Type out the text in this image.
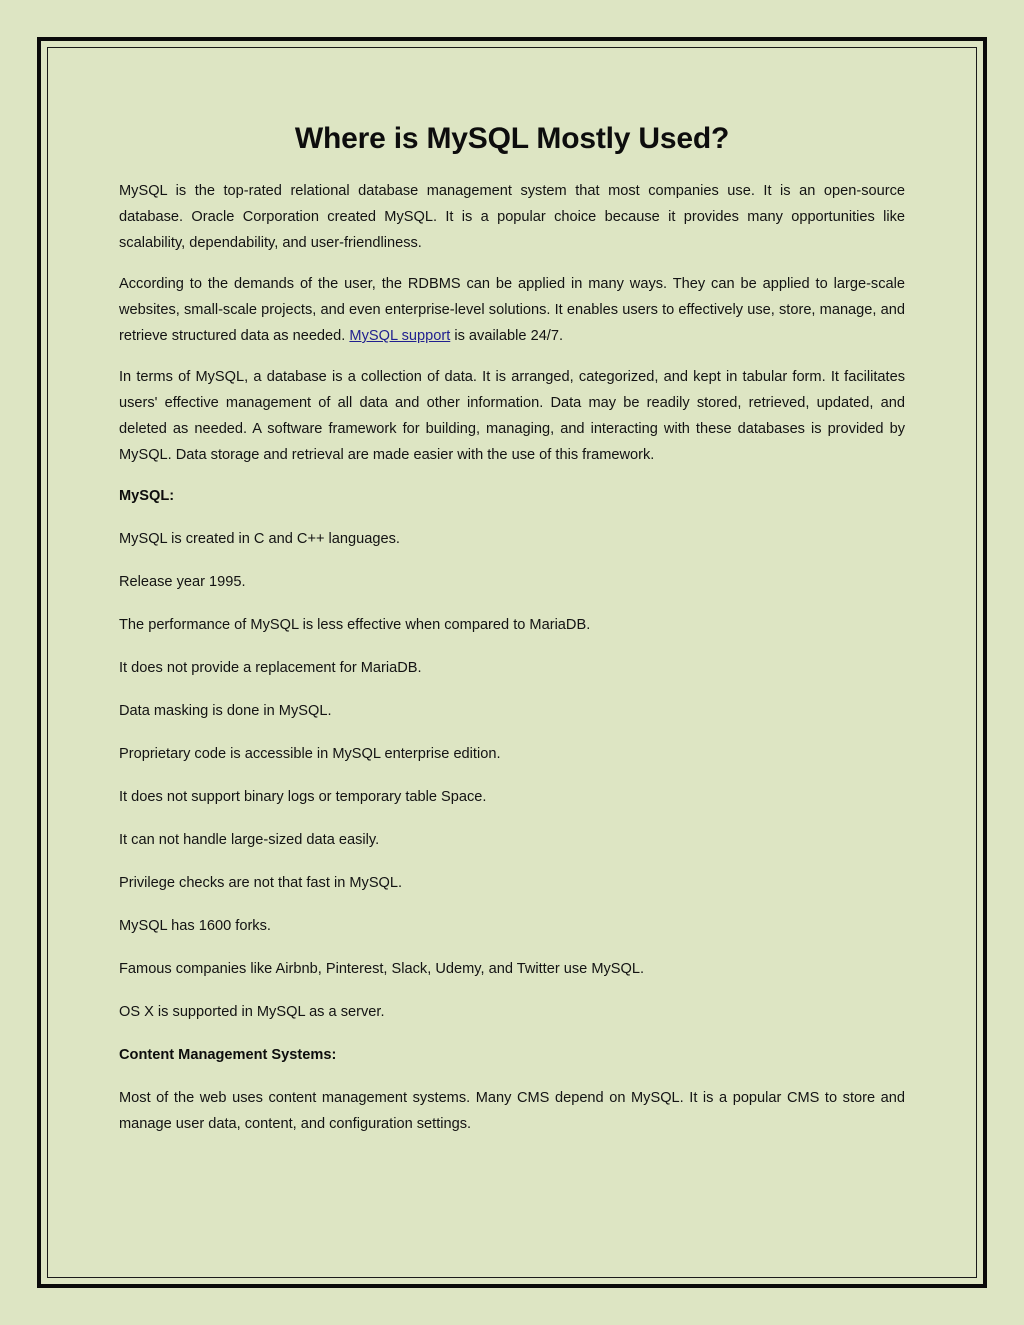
Where is MySQL Mostly Used?

MySQL is the top-rated relational database management system that most companies use. It is an open-source database. Oracle Corporation created MySQL. It is a popular choice because it provides many opportunities like scalability, dependability, and user-friendliness.

According to the demands of the user, the RDBMS can be applied in many ways. They can be applied to large-scale websites, small-scale projects, and even enterprise-level solutions. It enables users to effectively use, store, manage, and retrieve structured data as needed. MySQL support is available 24/7.

In terms of MySQL, a database is a collection of data. It is arranged, categorized, and kept in tabular form. It facilitates users' effective management of all data and other information. Data may be readily stored, retrieved, updated, and deleted as needed. A software framework for building, managing, and interacting with these databases is provided by MySQL. Data storage and retrieval are made easier with the use of this framework.

MySQL:

MySQL is created in C and C++ languages.

Release year 1995.

The performance of MySQL is less effective when compared to MariaDB.

It does not provide a replacement for MariaDB.

Data masking is done in MySQL.

Proprietary code is accessible in MySQL enterprise edition.

It does not support binary logs or temporary table Space.

It can not handle large-sized data easily.

Privilege checks are not that fast in MySQL.

MySQL has 1600 forks.

Famous companies like Airbnb, Pinterest, Slack, Udemy, and Twitter use MySQL.

OS X is supported in MySQL as a server.

Content Management Systems:

Most of the web uses content management systems. Many CMS depend on MySQL. It is a popular CMS to store and manage user data, content, and configuration settings.
